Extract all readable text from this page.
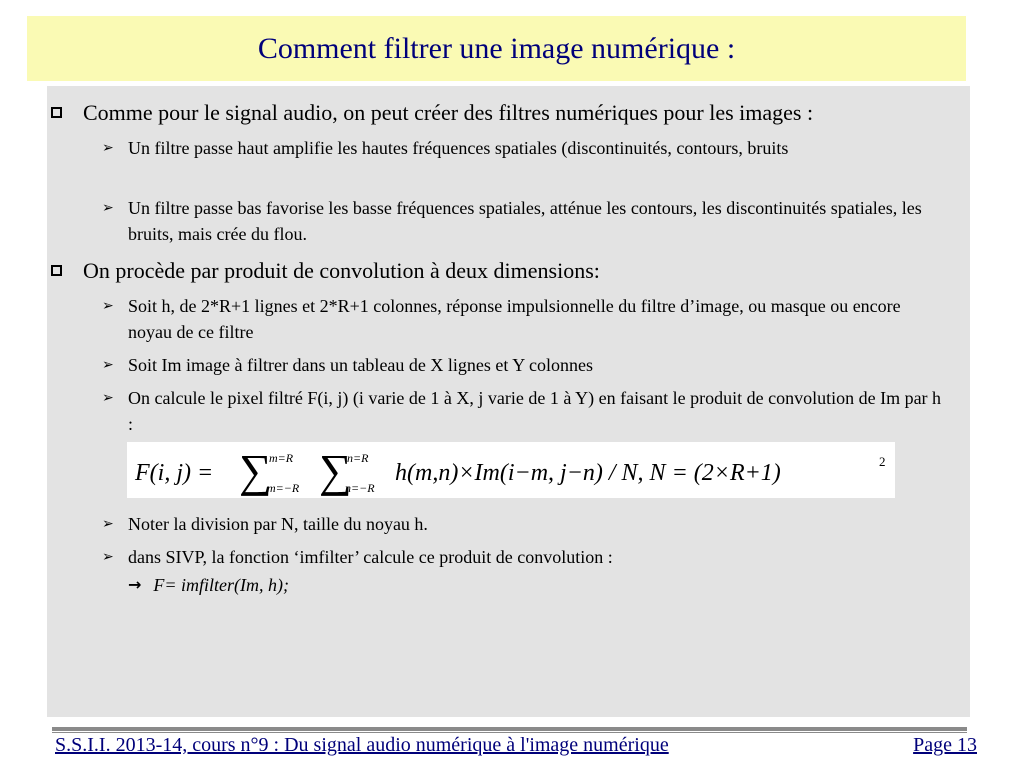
Comment filtrer une image numérique :
Comme pour le signal audio, on peut créer des filtres numériques pour les images :
➢ Un filtre passe haut amplifie les hautes fréquences spatiales (discontinuités, contours, bruits
➢ Un filtre passe bas favorise les basse fréquences spatiales, atténue les contours, les discontinuités spatiales, les bruits, mais crée du flou.
On procède par produit de convolution à deux dimensions:
➢ Soit h, de 2*R+1 lignes et 2*R+1 colonnes, réponse impulsionnelle du filtre d’image, ou masque ou encore noyau de ce filtre
➢ Soit Im image à filtrer dans un tableau de X lignes et Y colonnes
➢ On calcule le pixel filtré F(i, j) (i varie de 1 à X, j varie de 1 à Y) en faisant le produit de convolution de Im par h :
F(i, j) = ∑
m=R
m=−R ∑
n=R
n=−R
h(m,n)×Im(i−m, j−n) / N, N = (2×R+1)	2
➢ Noter la division par N, taille du noyau h.
➢ dans SIVP, la fonction ‘imfilter’ calcule ce produit de convolution :
→ F= imfilter(Im, h);
S.S.I.I. 2013-14, cours n°9 : Du signal audio numérique à l'image numérique	Page 13
